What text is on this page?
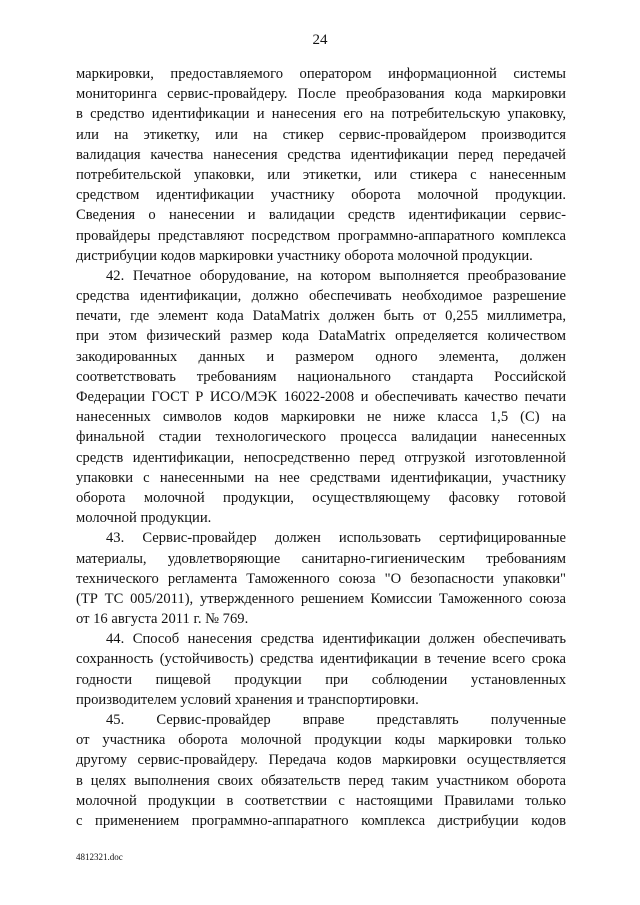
24
маркировки, предоставляемого оператором информационной системы
мониторинга сервис-провайдеру. После преобразования кода маркировки
в средство идентификации и нанесения его на потребительскую упаковку,
или на этикетку, или на стикер сервис-провайдером производится
валидация качества нанесения средства идентификации перед передачей
потребительской упаковки, или этикетки, или стикера с нанесенным
средством идентификации участнику оборота молочной продукции.
Сведения о нанесении и валидации средств идентификации сервис-
провайдеры представляют посредством программно-аппаратного комплекса
дистрибуции кодов маркировки участнику оборота молочной продукции.
42. Печатное оборудование, на котором выполняется преобразование
средства идентификации, должно обеспечивать необходимое разрешение
печати, где элемент кода DataMatrix должен быть от 0,255 миллиметра,
при этом физический размер кода DataMatrix определяется количеством
закодированных данных и размером одного элемента, должен
соответствовать требованиям национального стандарта Российской
Федерации ГОСТ Р ИСО/МЭК 16022-2008 и обеспечивать качество печати
нанесенных символов кодов маркировки не ниже класса 1,5 (C) на
финальной стадии технологического процесса валидации нанесенных
средств идентификации, непосредственно перед отгрузкой изготовленной
упаковки с нанесенными на нее средствами идентификации, участнику
оборота молочной продукции, осуществляющему фасовку готовой
молочной продукции.
43. Сервис-провайдер должен использовать сертифицированные
материалы, удовлетворяющие санитарно-гигиеническим требованиям
технического регламента Таможенного союза "О безопасности упаковки"
(ТР ТС 005/2011), утвержденного решением Комиссии Таможенного союза
от 16 августа 2011 г. № 769.
44. Способ нанесения средства идентификации должен обеспечивать
сохранность (устойчивость) средства идентификации в течение всего срока
годности пищевой продукции при соблюдении установленных
производителем условий хранения и транспортировки.
45. Сервис-провайдер вправе представлять полученные
от участника оборота молочной продукции коды маркировки только
другому сервис-провайдеру. Передача кодов маркировки осуществляется
в целях выполнения своих обязательств перед таким участником оборота
молочной продукции в соответствии с настоящими Правилами только
с применением программно-аппаратного комплекса дистрибуции кодов
4812321.doc
